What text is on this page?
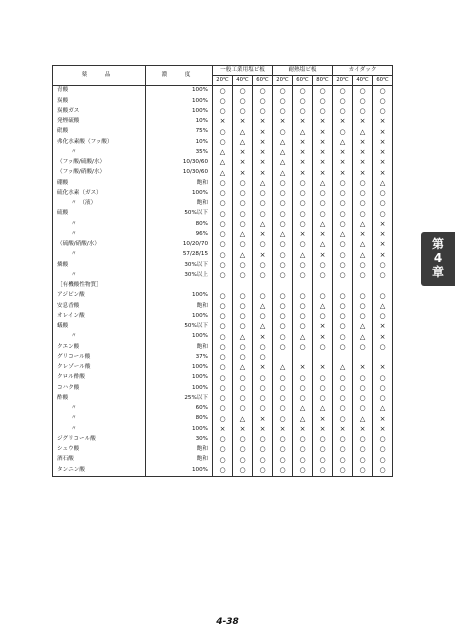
薬　品	濃　度	一般工業用塩ビ板			耐熱塩ビ板			カイダック		
		20℃	40℃	60℃	20℃	60℃	80℃	20℃	40℃	60℃
青酸	100%	○	○	○	○	○	○	○	○	○
炭酸	100%	○	○	○	○	○	○	○	○	○
炭酸ガス	100%	○	○	○	○	○	○	○	○	○
発煙硫酸	10%	×	×	×	×	×	×	×	×	×
砒酸	75%	○	△	×	○	△	×	○	△	×
弗化水素酸（フッ酸）	10%	○	△	×	△	×	×	△	×	×
〃	35%	△	×	×	△	×	×	×	×	×
（フッ酸/硫酸/水）	10/30/60	△	×	×	△	×	×	×	×	×
（フッ酸/硝酸/水）	10/30/60	△	×	×	△	×	×	×	×	×
硼酸	飽和	○	○	△	○	○	△	○	○	△
硫化水素（ガス）	100%	○	○	○	○	○	○	○	○	○
〃　（液）	飽和	○	○	○	○	○	○	○	○	○
硫酸	50%以下	○	○	○	○	○	○	○	○	○
〃	80%	○	○	△	○	○	△	○	△	×
〃	96%	○	△	×	△	×	×	△	×	×
（硫酸/硝酸/水）	10/20/70	○	○	○	○	○	△	○	△	×
〃	57/28/15	○	△	×	○	△	×	○	△	×
燐酸	30%以下	○	○	○	○	○	○	○	○	○
〃	30%以上	○	○	○	○	○	○	○	○	○
［有機酸性物質］										
アジピン酸	100%	○	○	○	○	○	○	○	○	○
安息香酸	飽和	○	○	△	○	○	△	○	○	△
オレイン酸	100%	○	○	○	○	○	○	○	○	○
蟻酸	50%以下	○	○	△	○	○	×	○	△	×
〃	100%	○	△	×	○	△	×	○	△	×
クエン酸	飽和	○	○	○	○	○	○	○	○	○
グリコール酸	37%	○	○	○						
クレゾール酸	100%	○	△	×	△	×	×	△	×	×
クロル酢酸	100%	○	○	○	○	○	○	○	○	○
コハク酸	100%	○	○	○	○	○	○	○	○	○
酢酸	25%以下	○	○	○	○	○	○	○	○	○
〃	60%	○	○	○	○	△	△	○	○	△
〃	80%	○	△	×	○	△	×	○	△	×
〃	100%	×	×	×	×	×	×	×	×	×
ジグリコール酸	30%	○	○	○	○	○	○	○	○	○
シュウ酸	飽和	○	○	○	○	○	○	○	○	○
酒石酸	飽和	○	○	○	○	○	○	○	○	○
タンニン酸	100%	○	○	○	○	○	○	○	○	○
第
4
章
4-38
